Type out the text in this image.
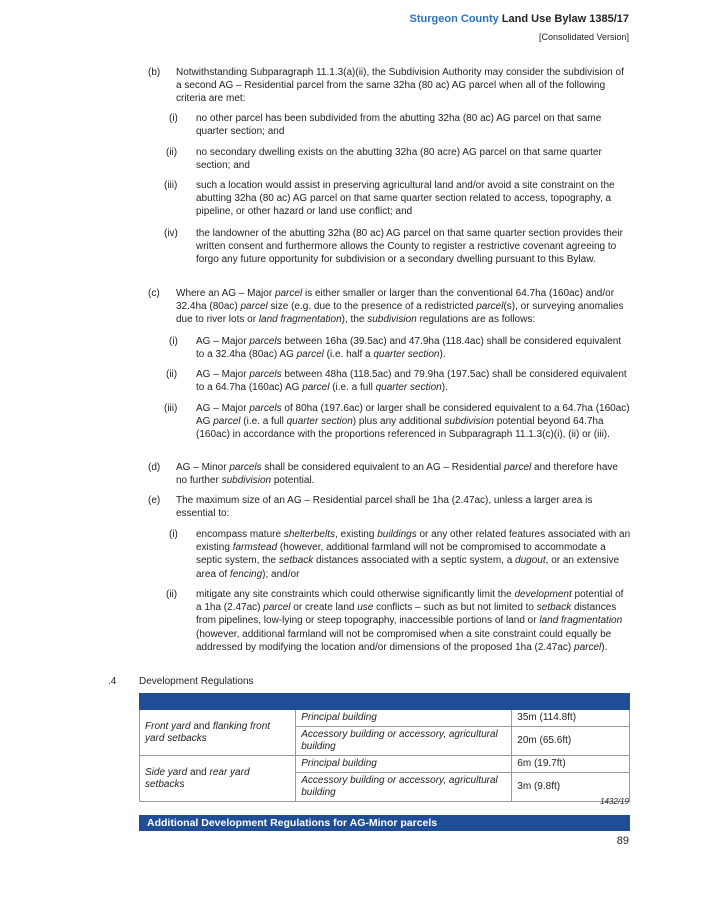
Sturgeon County Land Use Bylaw 1385/17
[Consolidated Version]
(b) Notwithstanding Subparagraph 11.1.3(a)(ii), the Subdivision Authority may consider the subdivision of a second AG – Residential parcel from the same 32ha (80 ac) AG parcel when all of the following criteria are met:
(i) no other parcel has been subdivided from the abutting 32ha (80 ac) AG parcel on that same quarter section; and
(ii) no secondary dwelling exists on the abutting 32ha (80 acre) AG parcel on that same quarter section; and
(iii) such a location would assist in preserving agricultural land and/or avoid a site constraint on the abutting 32ha (80 ac) AG parcel on that same quarter section related to access, topography, a pipeline, or other hazard or land use conflict; and
(iv) the landowner of the abutting 32ha (80 ac) AG parcel on that same quarter section provides their written consent and furthermore allows the County to register a restrictive covenant agreeing to forgo any future opportunity for subdivision or a secondary dwelling pursuant to this Bylaw.
(c) Where an AG – Major parcel is either smaller or larger than the conventional 64.7ha (160ac) and/or 32.4ha (80ac) parcel size (e.g. due to the presence of a redistricted parcel(s), or surveying anomalies due to river lots or land fragmentation), the subdivision regulations are as follows:
(i) AG – Major parcels between 16ha (39.5ac) and 47.9ha (118.4ac) shall be considered equivalent to a 32.4ha (80ac) AG parcel (i.e. half a quarter section).
(ii) AG – Major parcels between 48ha (118.5ac) and 79.9ha (197.5ac) shall be considered equivalent to a 64.7ha (160ac) AG parcel (i.e. a full quarter section).
(iii) AG – Major parcels of 80ha (197.6ac) or larger shall be considered equivalent to a 64.7ha (160ac) AG parcel (i.e. a full quarter section) plus any additional subdivision potential beyond 64.7ha (160ac) in accordance with the proportions referenced in Subparagraph 11.1.3(c)(i), (ii) or (iii).
(d) AG – Minor parcels shall be considered equivalent to an AG – Residential parcel and therefore have no further subdivision potential.
(e) The maximum size of an AG – Residential parcel shall be 1ha (2.47ac), unless a larger area is essential to:
(i) encompass mature shelterbelts, existing buildings or any other related features associated with an existing farmstead (however, additional farmland will not be compromised to accommodate a septic system, the setback distances associated with a septic system, a dugout, or an extensive area of fencing); and/or
(ii) mitigate any site constraints which could otherwise significantly limit the development potential of a 1ha (2.47ac) parcel or create land use conflicts – such as but not limited to setback distances from pipelines, low-lying or steep topography, inaccessible portions of land or land fragmentation (however, additional farmland will not be compromised when a site constraint could equally be addressed by modifying the location and/or dimensions of the proposed 1ha (2.47ac) parcel).
.4 Development Regulations

Front yard and flanking front yard setbacks	Principal building	35m (114.8ft)
	Accessory building or accessory, agricultural building	20m (65.6ft)
Side yard and rear yard setbacks	Principal building	6m (19.7ft)
	Accessory building or accessory, agricultural building	3m (9.8ft)
1432/19
Additional Development Regulations for AG-Minor parcels
89
